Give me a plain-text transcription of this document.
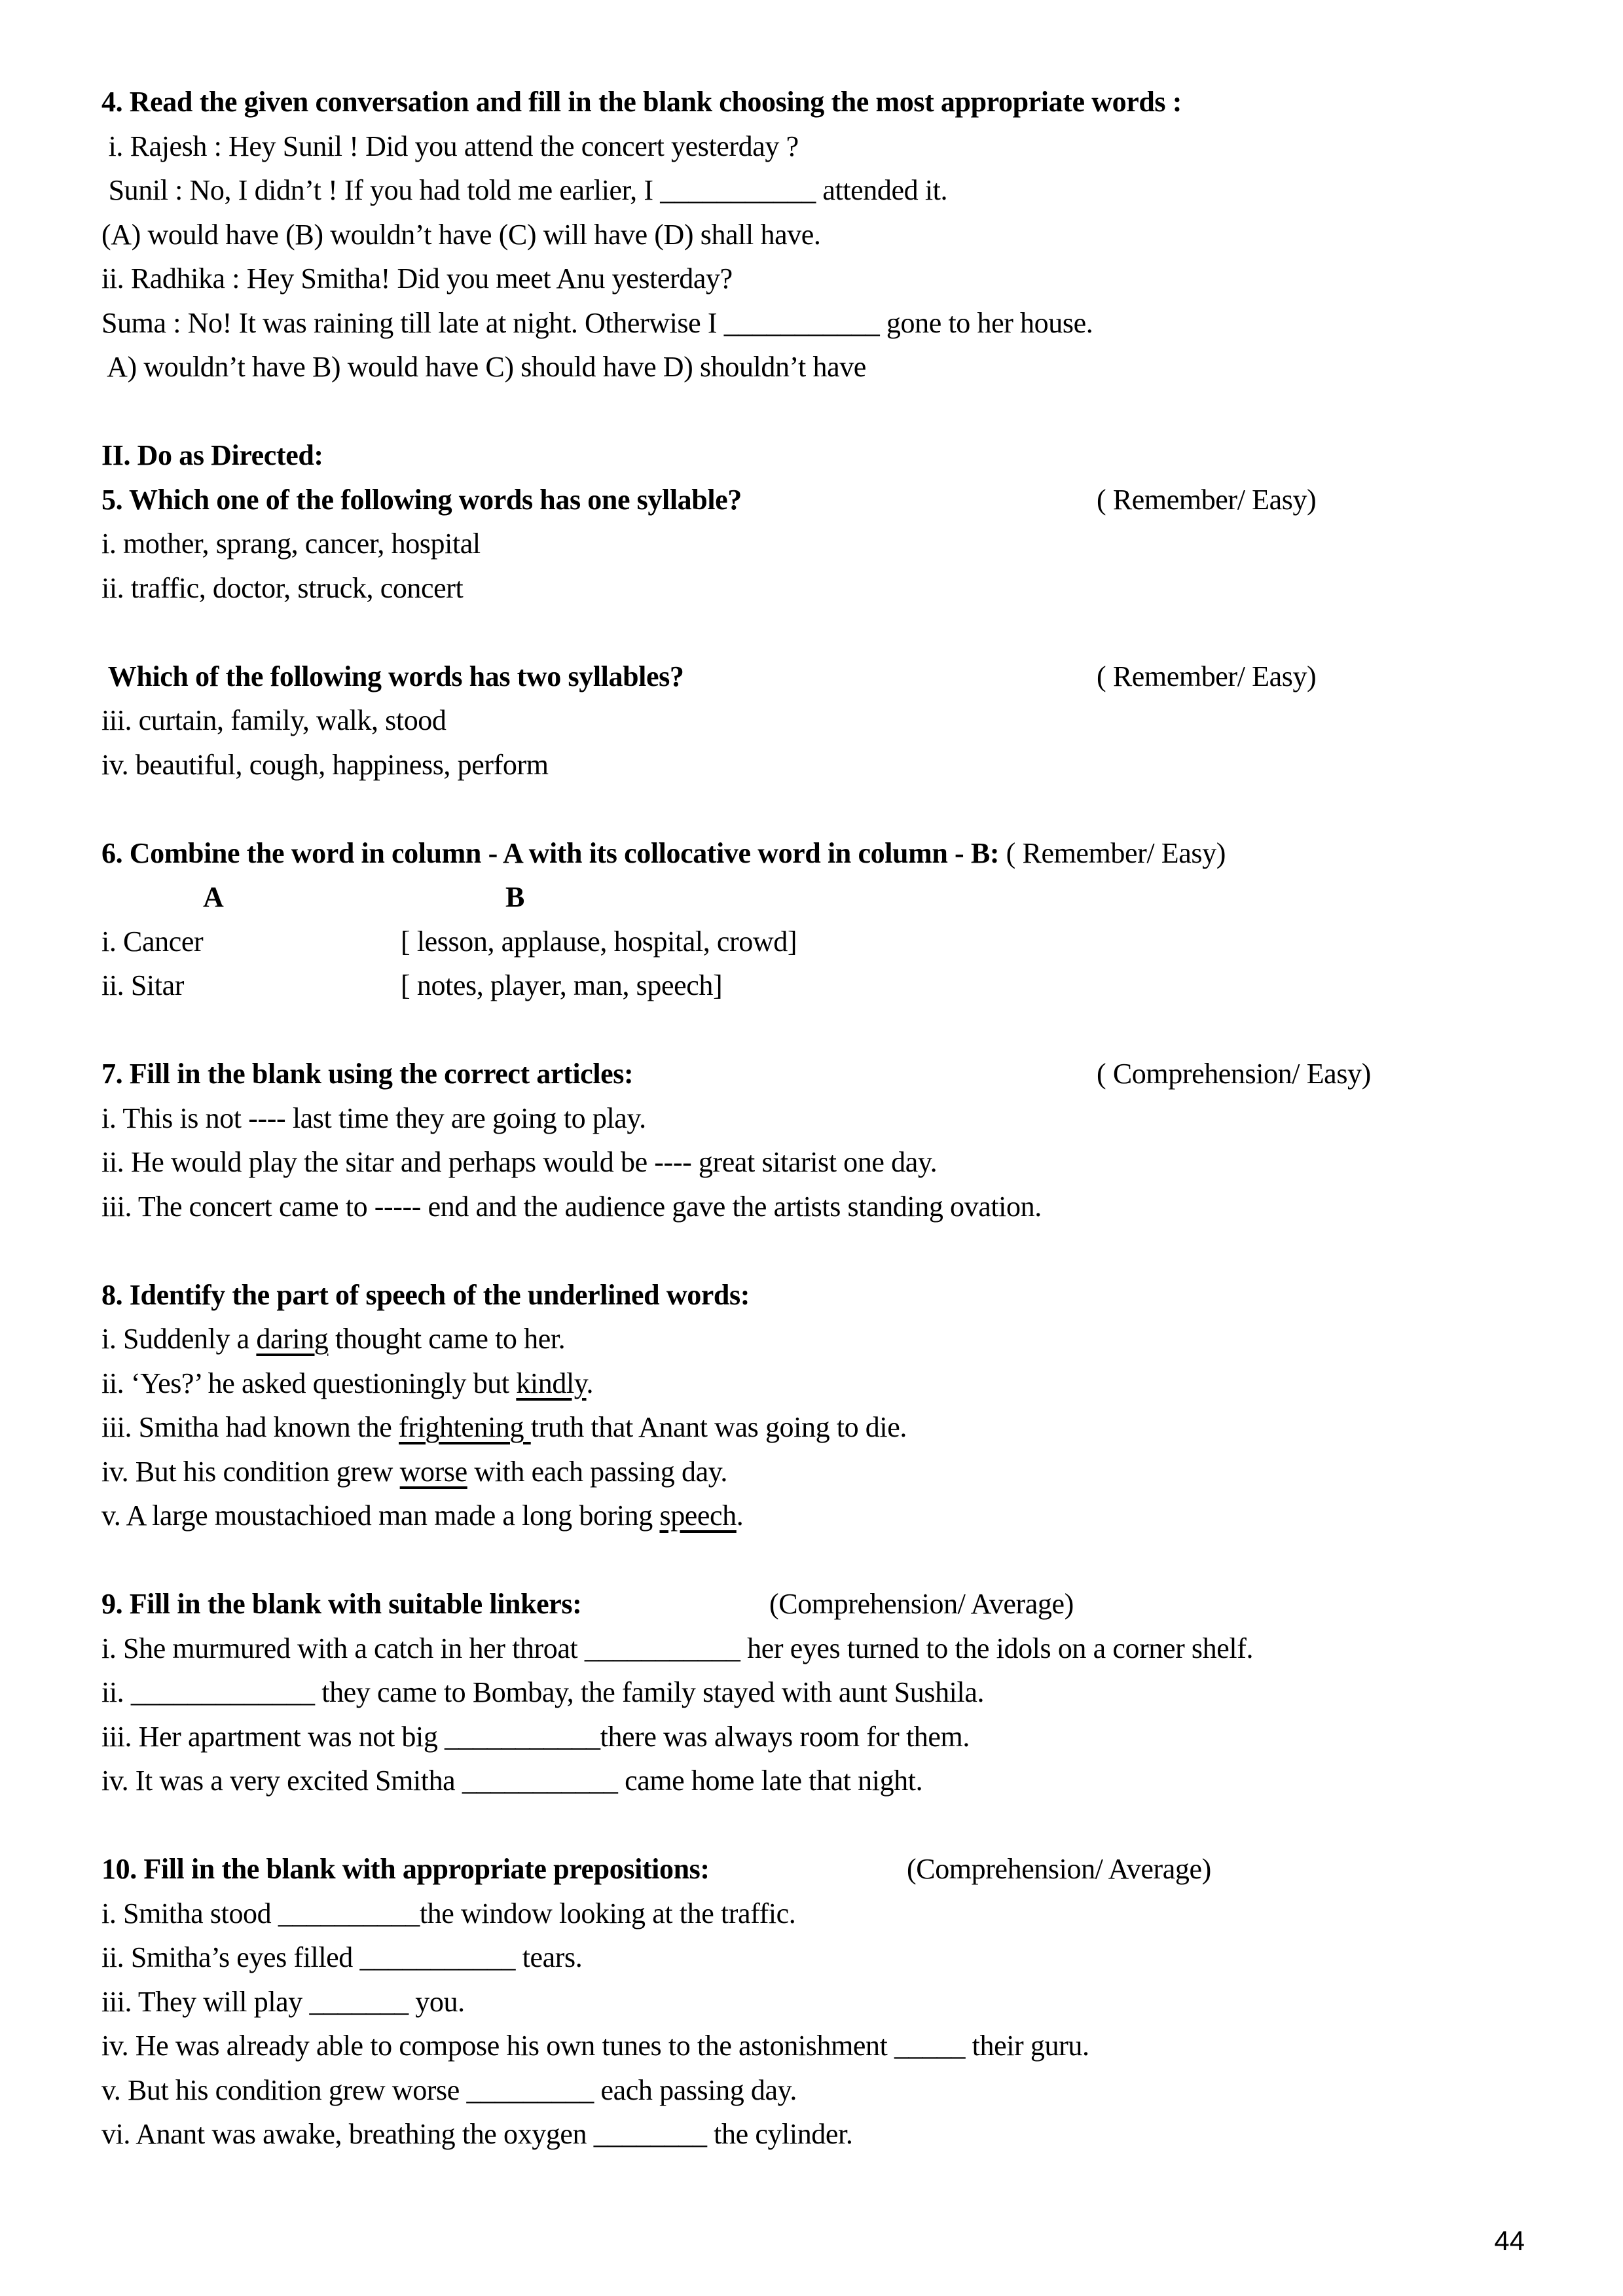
4. Read the given conversation and fill in the blank choosing the most appropriate words :
i. Rajesh : Hey Sunil ! Did you attend the concert yesterday ?
Sunil : No, I didn’t ! If you had told me earlier, I ___________ attended it.
(A) would have (B) wouldn’t have (C) will have (D) shall have.
ii. Radhika : Hey Smitha! Did you meet Anu yesterday?
Suma : No! It was raining till late at night. Otherwise I ___________ gone to her house.
A) wouldn’t have B) would have C) should have D) shouldn’t have
II. Do as Directed:
5. Which one of the following words has one syllable?	( Remember/ Easy)
i. mother, sprang, cancer, hospital
ii. traffic, doctor, struck, concert
Which of the following words has two syllables?	( Remember/ Easy)
iii. curtain, family, walk, stood
iv. beautiful, cough, happiness, perform
6. Combine the word in column - A with its collocative word in column - B: ( Remember/ Easy)
A	B
i. Cancer	[ lesson, applause, hospital, crowd]
ii. Sitar	[ notes, player, man, speech]
7. Fill in the blank using the correct articles:	( Comprehension/ Easy)
i. This is not ---- last time they are going to play.
ii. He would play the sitar and perhaps would be ---- great sitarist one day.
iii. The concert came to ----- end and the audience gave the artists standing ovation.
8. Identify the part of speech of the underlined words:
i. Suddenly a daring thought came to her.
ii. ‘Yes?’ he asked questioningly but kindly.
iii. Smitha had known the frightening truth that Anant was going to die.
iv. But his condition grew worse with each passing day.
v. A large moustachioed man made a long boring speech.
9. Fill in the blank with suitable linkers:	(Comprehension/ Average)
i. She murmured with a catch in her throat ___________ her eyes turned to the idols on a corner shelf.
ii. _____________ they came to Bombay, the family stayed with aunt Sushila.
iii. Her apartment was not big ___________there was always room for them.
iv. It was a very excited Smitha ___________ came home late that night.
10. Fill in the blank with appropriate prepositions:	(Comprehension/ Average)
i. Smitha stood __________the window looking at the traffic.
ii. Smitha’s eyes filled ___________ tears.
iii. They will play _______ you.
iv. He was already able to compose his own tunes to the astonishment _____ their guru.
v. But his condition grew worse _________ each passing day.
vi. Anant was awake, breathing the oxygen ________ the cylinder.
44
